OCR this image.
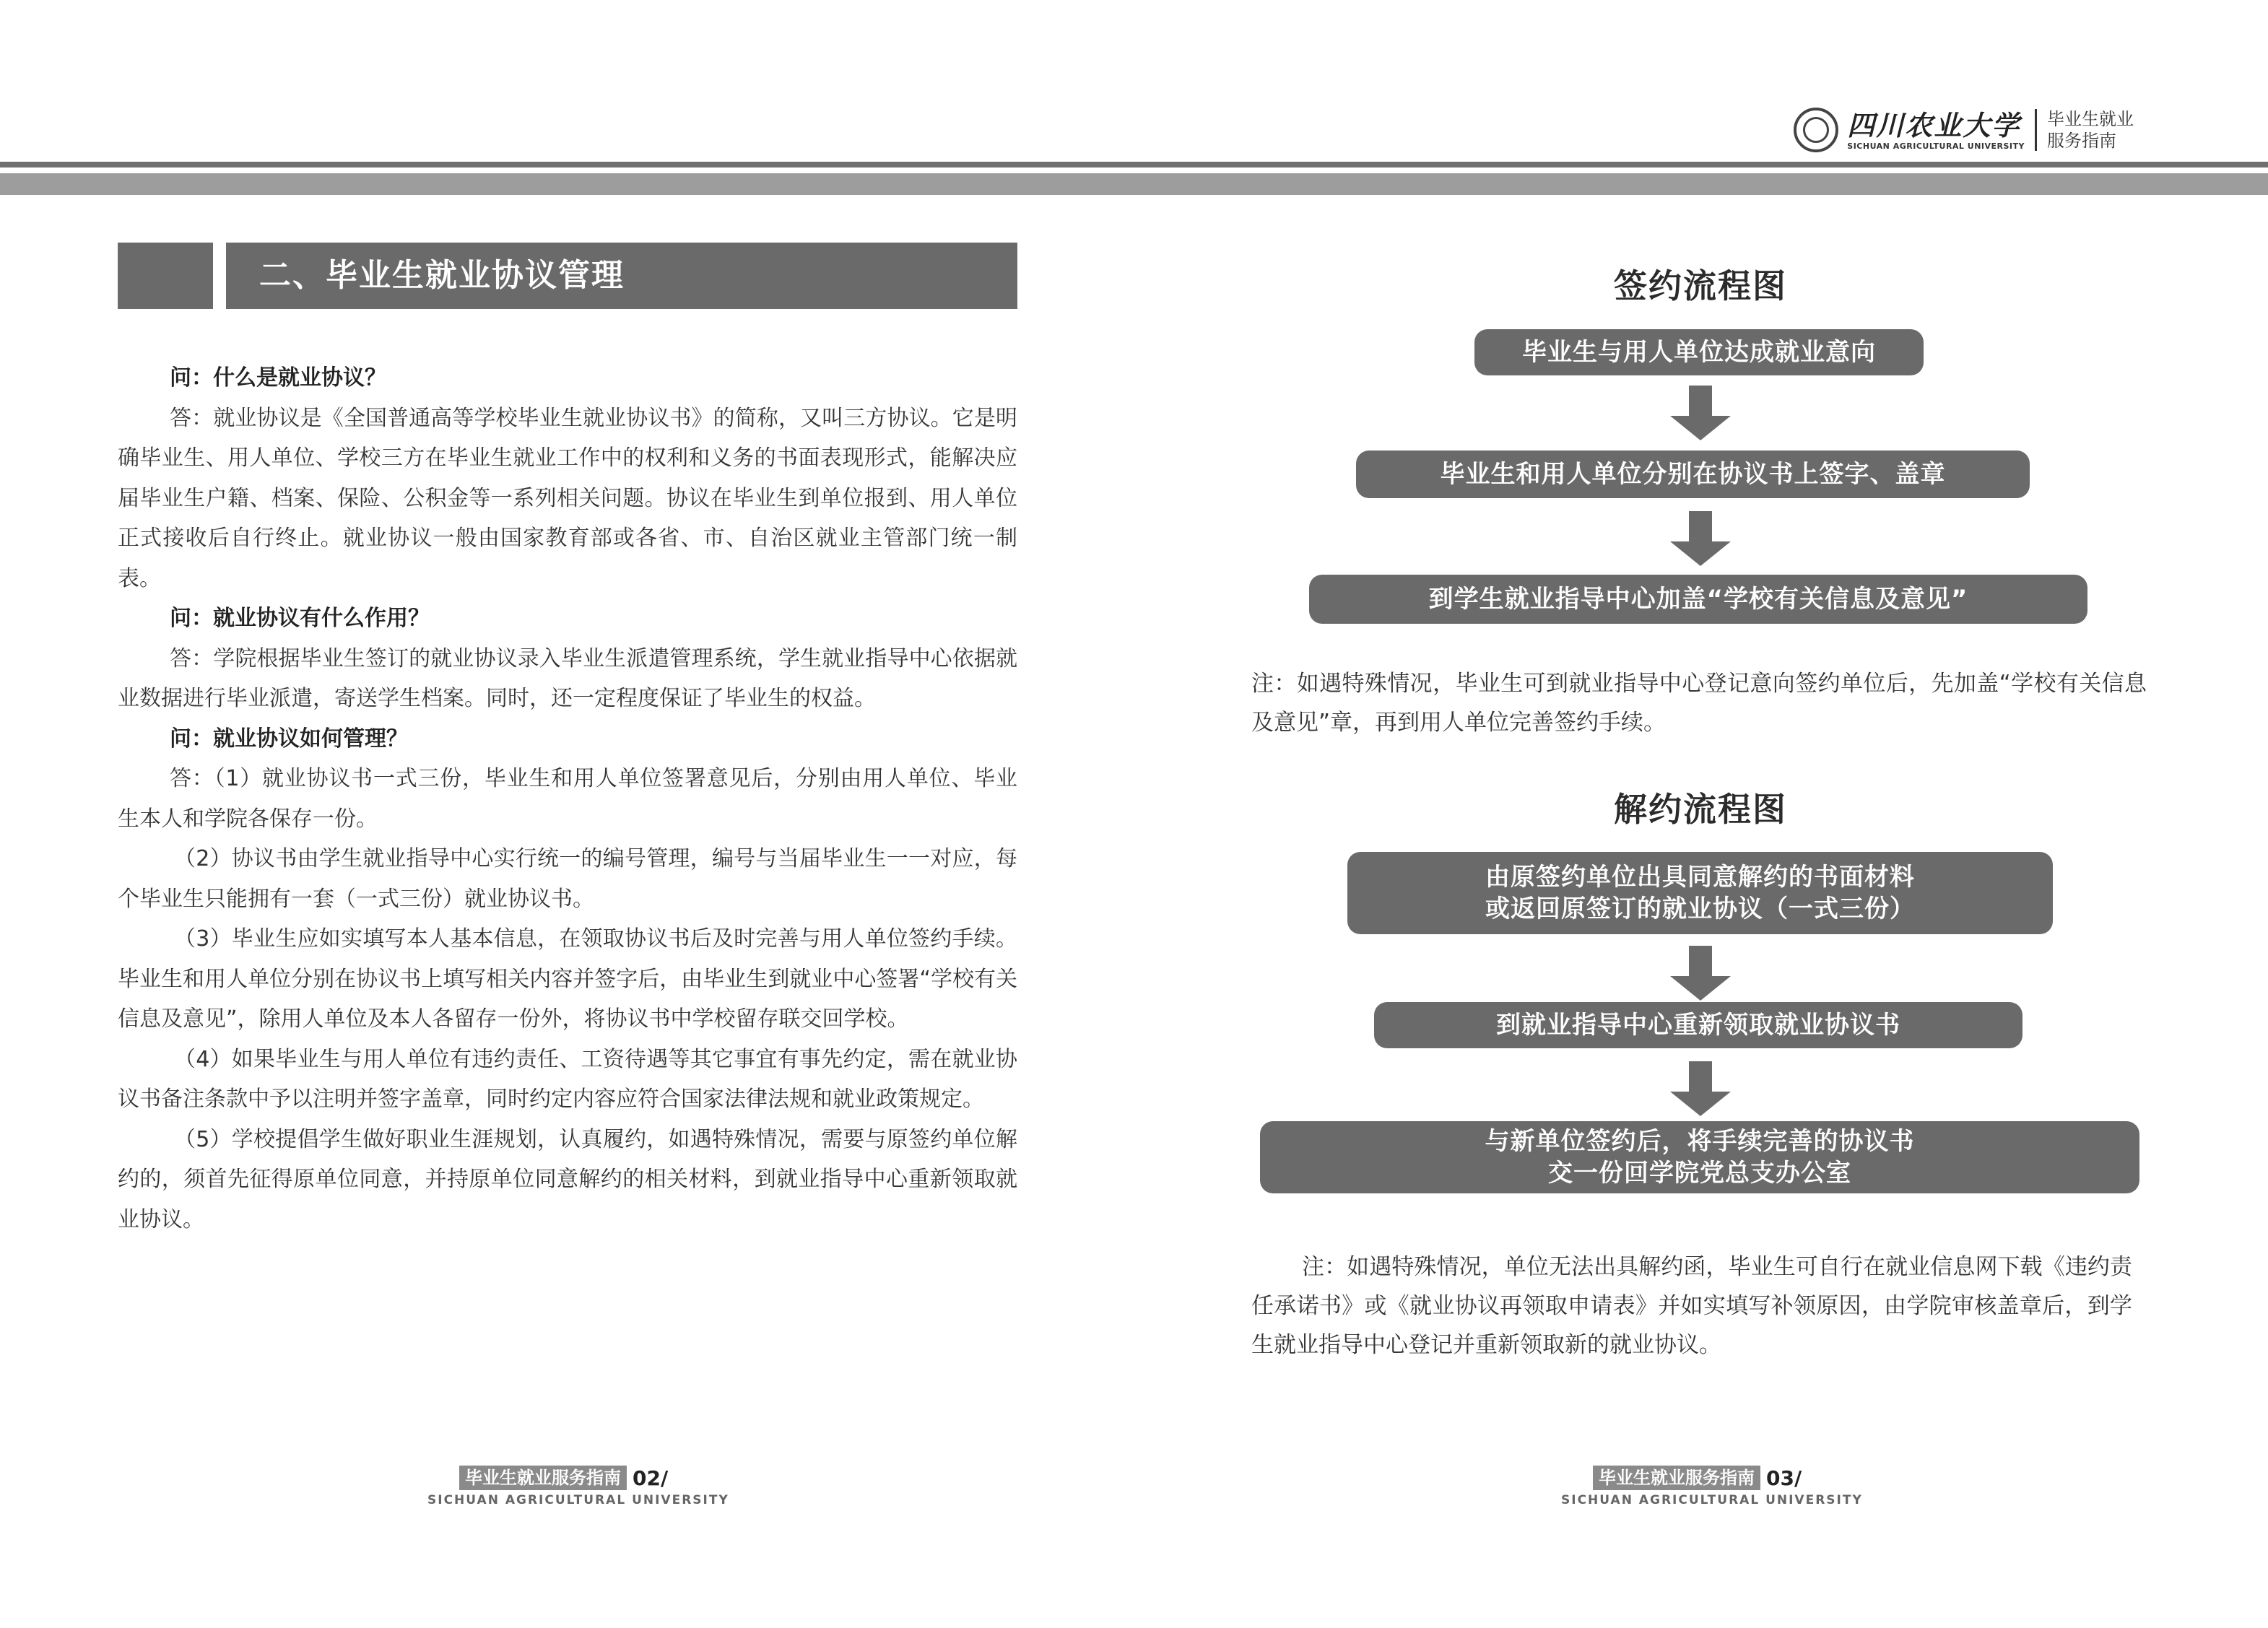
四川农业大学
SICHUAN AGRICULTURAL UNIVERSITY
毕业生就业
服务指南
二、毕业生就业协议管理

问：什么是就业协议？

答：就业协议是《全国普通高等学校毕业生就业协议书》的简称，又叫三方协议。它是明确毕业生、用人单位、学校三方在毕业生就业工作中的权利和义务的书面表现形式，能解决应届毕业生户籍、档案、保险、公积金等一系列相关问题。协议在毕业生到单位报到、用人单位正式接收后自行终止。就业协议一般由国家教育部或各省、市、自治区就业主管部门统一制表。

问：就业协议有什么作用？

答：学院根据毕业生签订的就业协议录入毕业生派遣管理系统，学生就业指导中心依据就业数据进行毕业派遣，寄送学生档案。同时，还一定程度保证了毕业生的权益。

问：就业协议如何管理？

答：（1）就业协议书一式三份，毕业生和用人单位签署意见后，分别由用人单位、毕业生本人和学院各保存一份。

（2）协议书由学生就业指导中心实行统一的编号管理，编号与当届毕业生一一对应，每个毕业生只能拥有一套（一式三份）就业协议书。

（3）毕业生应如实填写本人基本信息，在领取协议书后及时完善与用人单位签约手续。毕业生和用人单位分别在协议书上填写相关内容并签字后，由毕业生到就业中心签署“学校有关信息及意见”，除用人单位及本人各留存一份外，将协议书中学校留存联交回学校。

（4）如果毕业生与用人单位有违约责任、工资待遇等其它事宜有事先约定，需在就业协议书备注条款中予以注明并签字盖章，同时约定内容应符合国家法律法规和就业政策规定。

（5）学校提倡学生做好职业生涯规划，认真履约，如遇特殊情况，需要与原签约单位解约的，须首先征得原单位同意，并持原单位同意解约的相关材料，到就业指导中心重新领取就业协议。

毕业生就业服务指南 02/
SICHUAN AGRICULTURAL UNIVERSITY
签约流程图
毕业生与用人单位达成就业意向
毕业生和用人单位分别在协议书上签字、盖章
到学生就业指导中心加盖“学校有关信息及意见”
注：如遇特殊情况，毕业生可到就业指导中心登记意向签约单位后，先加盖“学校有关信息及意见”章，再到用人单位完善签约手续。
解约流程图
由原签约单位出具同意解约的书面材料
或返回原签订的就业协议（一式三份）
到就业指导中心重新领取就业协议书
与新单位签约后，将手续完善的协议书
交一份回学院党总支办公室
注：如遇特殊情况，单位无法出具解约函，毕业生可自行在就业信息网下载《违约责任承诺书》或《就业协议再领取申请表》并如实填写补领原因，由学院审核盖章后，到学生就业指导中心登记并重新领取新的就业协议。
毕业生就业服务指南 03/
SICHUAN AGRICULTURAL UNIVERSITY
